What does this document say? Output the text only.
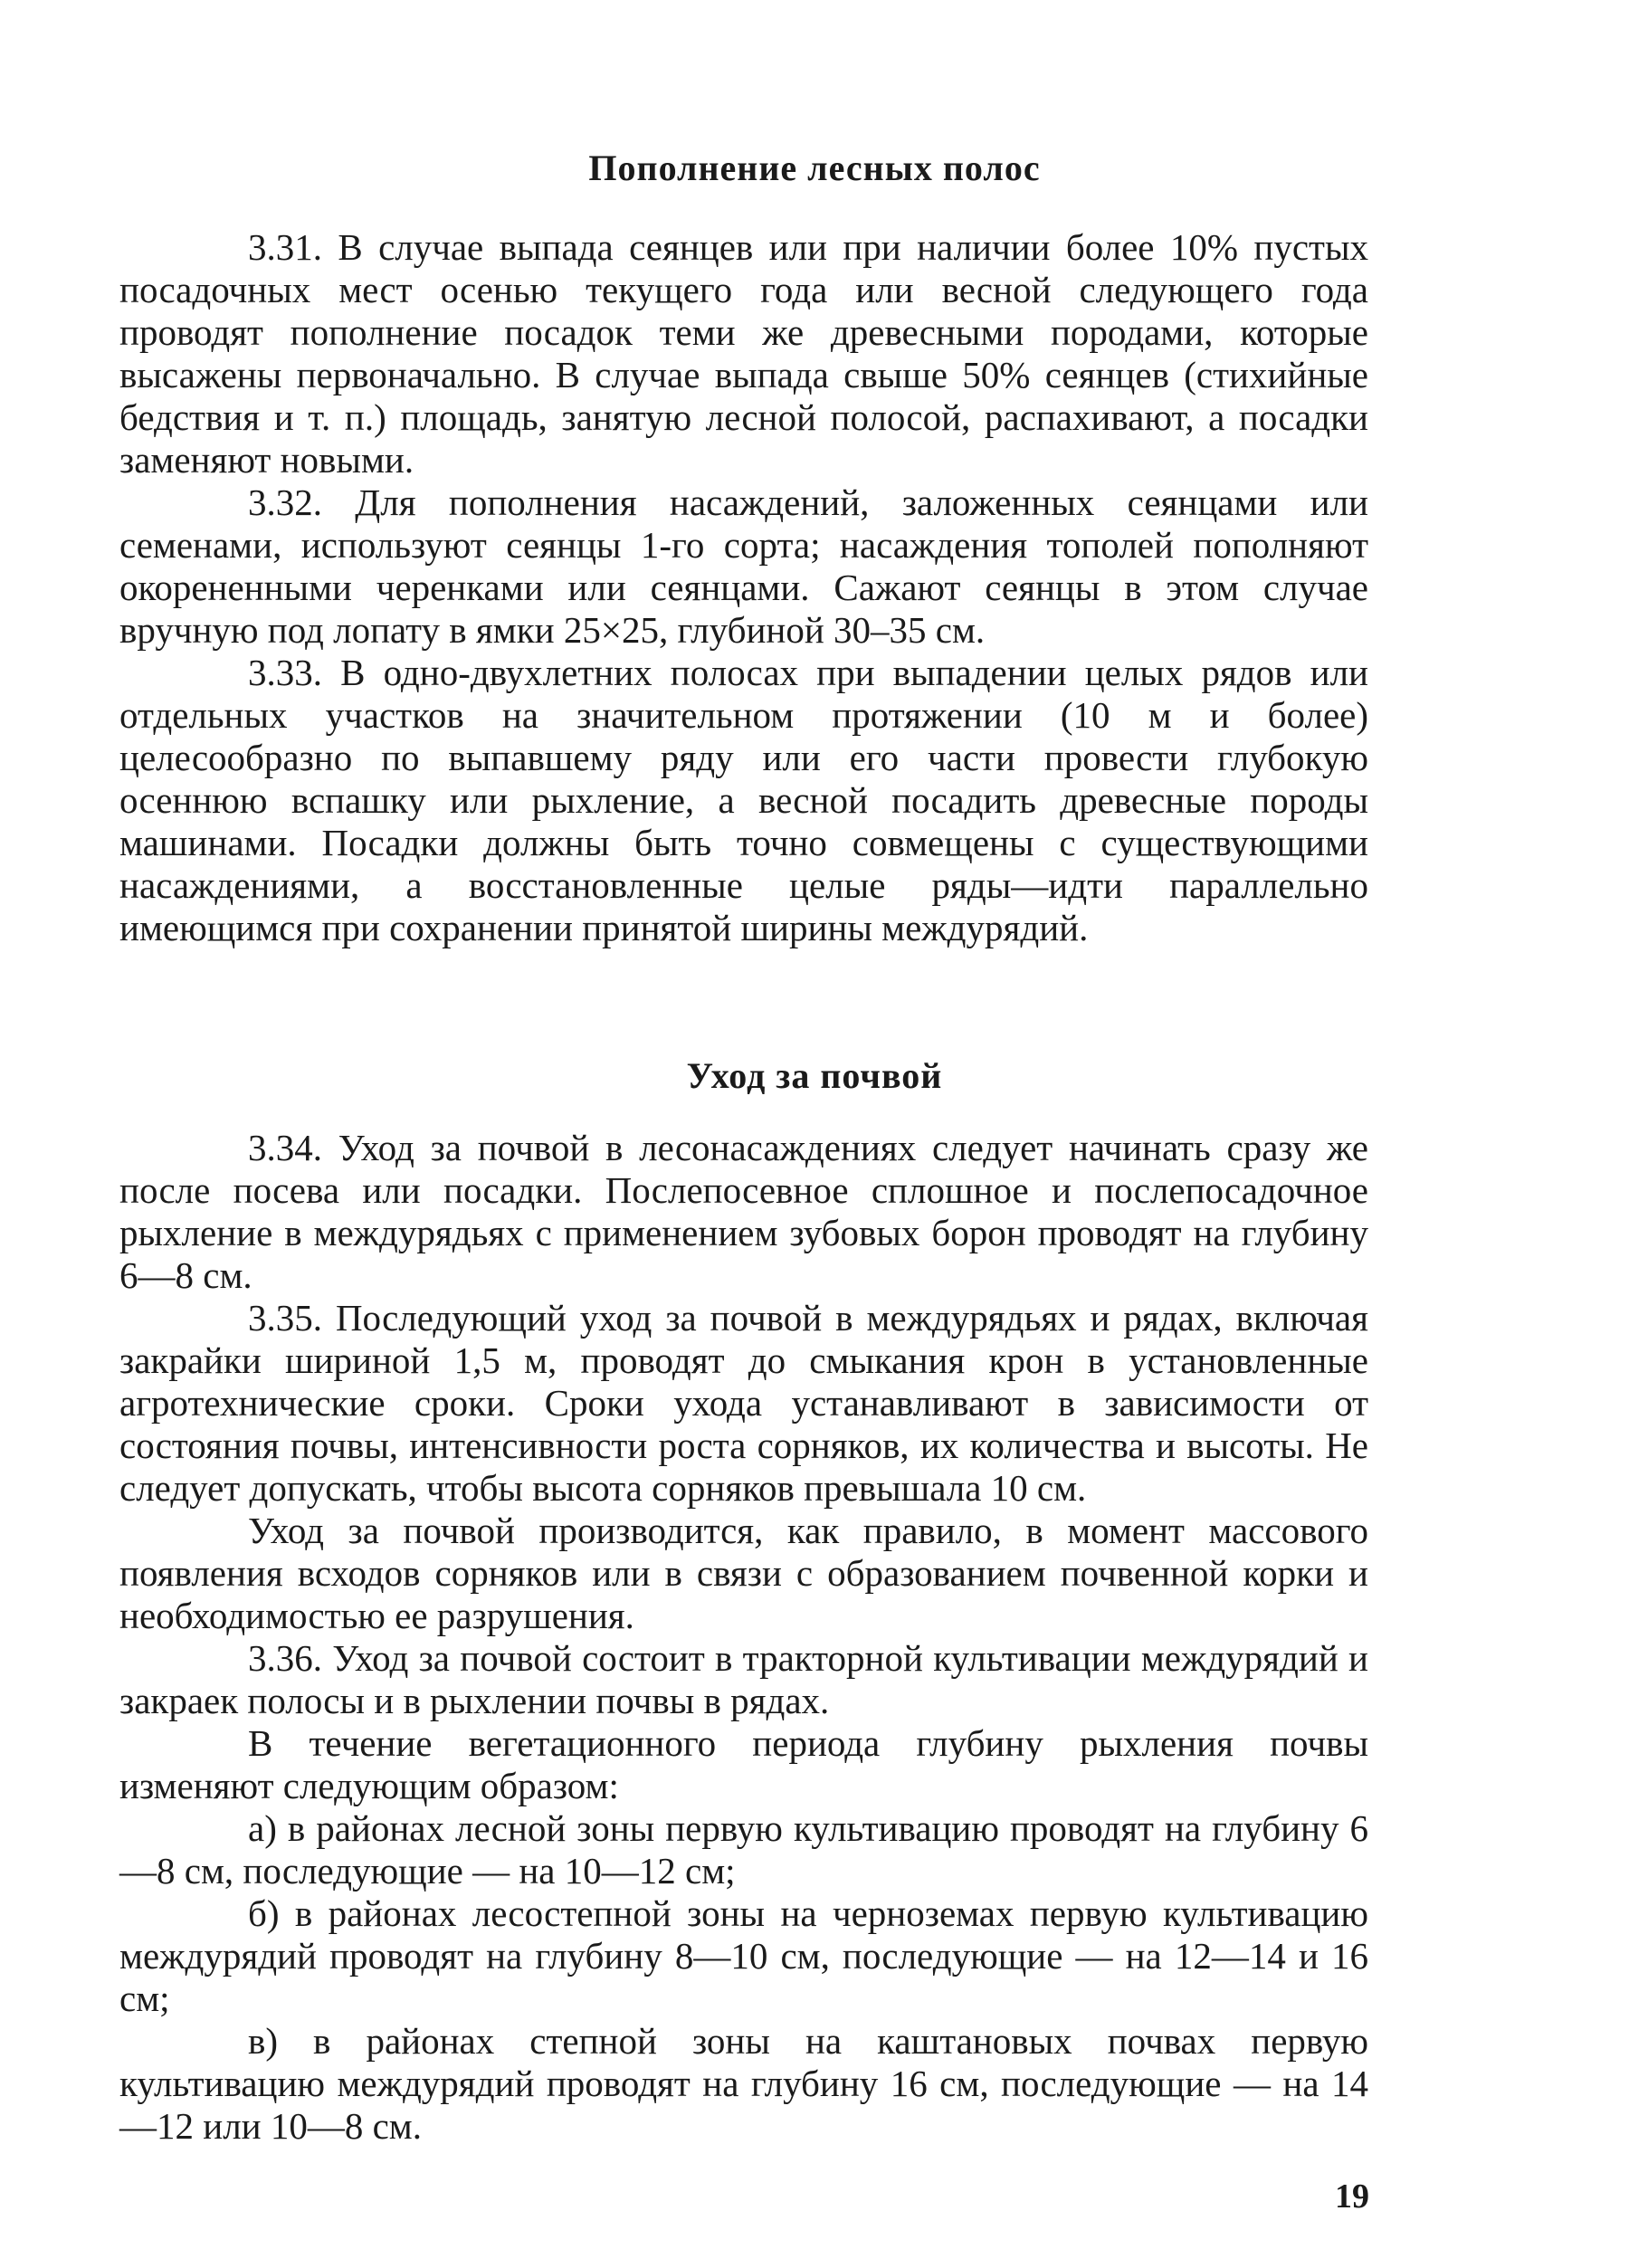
Пополнение лесных полос

3.31. В случае выпада сеянцев или при наличии более 10% пустых посадочных мест осенью текущего года или весной следующего года проводят пополнение посадок теми же древесными породами, которые высажены первоначально. В случае выпада свыше 50% сеянцев (стихийные бедствия и т. п.) площадь, занятую лесной полосой, распахивают, а посадки заменяют новыми.

3.32. Для пополнения насаждений, заложенных сеянцами или семенами, используют сеянцы 1-го сорта; насаждения тополей пополняют окорененными черенками или сеянцами. Сажают сеянцы в этом случае вручную под лопату в ямки 25×25, глубиной 30–35 см.

3.33. В одно-двухлетних полосах при выпадении целых рядов или отдельных участков на значительном протяжении (10 м и более) целесообразно по выпавшему ряду или его части провести глубокую осеннюю вспашку или рыхление, а весной посадить древесные породы машинами. Посадки должны быть точно совмещены с существующими насаждениями, а восстановленные целые ряды—идти параллельно имеющимся при сохранении принятой ширины междурядий.

Уход за почвой

3.34. Уход за почвой в лесонасаждениях следует начинать сразу же после посева или посадки. Послепосевное сплошное и послепосадочное рыхление в междурядьях с применением зубовых борон проводят на глубину 6—8 см.

3.35. Последующий уход за почвой в междурядьях и рядах, включая закрайки шириной 1,5 м, проводят до смыкания крон в установленные агротехнические сроки. Сроки ухода устанавливают в зависимости от состояния почвы, интенсивности роста сорняков, их количества и высоты. Не следует допускать, чтобы высота сорняков превышала 10 см.

Уход за почвой производится, как правило, в момент массового появления всходов сорняков или в связи с образованием почвенной корки и необходимостью ее разрушения.

3.36. Уход за почвой состоит в тракторной культивации междурядий и закраек полосы и в рыхлении почвы в рядах.

В течение вегетационного периода глубину рыхления почвы изменяют следующим образом:

а) в районах лесной зоны первую культивацию проводят на глубину 6—8 см, последующие — на 10—12 см;

б) в районах лесостепной зоны на черноземах первую культивацию междурядий проводят на глубину 8—10 см, последующие — на 12—14 и 16 см;

в) в районах степной зоны на каштановых почвах первую культивацию междурядий проводят на глубину 16 см, последующие — на 14—12 или 10—8 см.

19
